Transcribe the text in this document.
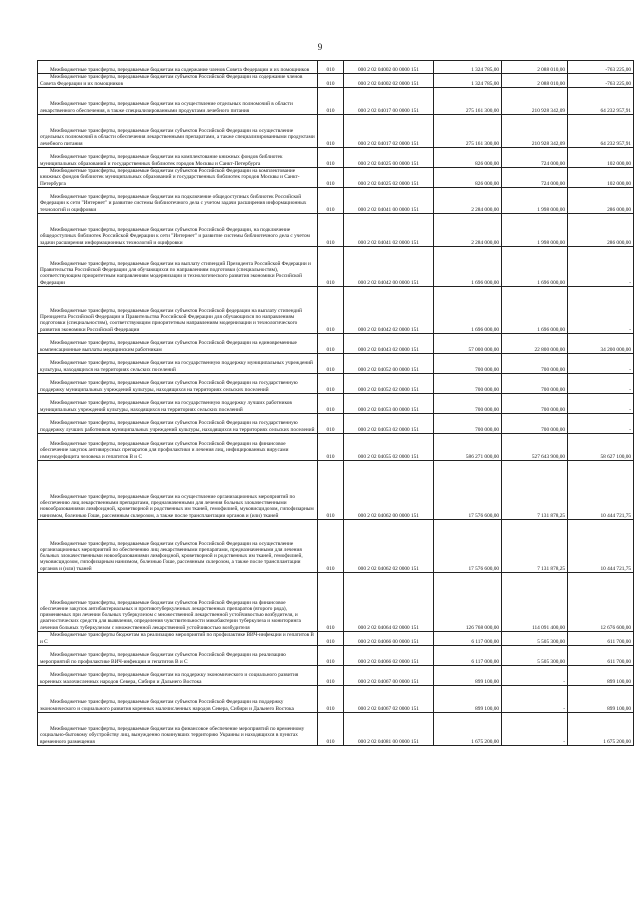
9
Межбюджетные трансферты, передаваемые бюджетам на содержание членов Совета Федерации и их помощников	010	000 2 02 04002 00 0000 151	1 324 785,00	2 088 010,00	-763 225,00
Межбюджетные трансферты, передаваемые бюджетам субъектов Российской Федерации на содержание членов Совета Федерации и их помощников	010	000 2 02 04002 02 0000 151	1 324 785,00	2 088 010,00	-763 225,00
Межбюджетные трансферты, передаваемые бюджетам на осуществление отдельных полномочий в области лекарственного обеспечения, в также специализированными продуктами лечебного питания	010	000 2 02 04017 00 0000 151	275 161 300,00	210 928 342,09	64 232 957,91
Межбюджетные трансферты, передаваемые бюджетам субъектов Российской Федерации на осуществление отдельных полномочий в области обеспечения лекарственными препаратами, а также специализированными продуктами лечебного питания	010	000 2 02 04017 02 0000 151	275 161 300,00	210 928 342,09	64 232 957,91
Межбюджетные трансферты, передаваемые бюджетам на комплектование книжных фондов библиотек муниципальных образований и государственных библиотек городов Москвы и Санкт-Петербурга	010	000 2 02 04025 00 0000 151	826 000,00	724 000,00	102 000,00
Межбюджетные трансферты, передаваемые бюджетам субъектов Российской Федерации на комплектование книжных фондов библиотек муниципальных образований и государственных библиотек городов Москвы и Санкт-Петербурга	010	000 2 02 04025 02 0000 151	826 000,00	724 000,00	102 000,00
Межбюджетные трансферты, передаваемые бюджетам на подключение общедоступных библиотек Российской Федерации к сети "Интернет" и развитие системы библиотечного дела с учетом задачи расширения информационных технологий и оцифровки	010	000 2 02 04041 00 0000 151	2 284 000,00	1 998 000,00	286 000,00
Межбюджетные трансферты, передаваемые бюджетам субъектов Российской Федерации, на подключение общедоступных библиотек Российской Федерации к сети "Интернет" и развитие системы библиотечного дела с учетом задачи расширения информационных технологий и оцифровки	010	000 2 02 04041 02 0000 151	2 284 000,00	1 998 000,00	286 000,00
Межбюджетные трансферты, передаваемые бюджетам на выплату стипендий Президента Российской Федерации и Правительства Российской Федерации для обучающихся по направлениям подготовки (специальностям), соответствующим приоритетным направлениям модернизации и технологического развития экономики Российской Федерации	010	000 2 02 04042 00 0000 151	1 696 000,00	1 696 000,00	-
Межбюджетные трансферты, передаваемые бюджетам субъектов Российской федерации на выплату стипендий Президента Российской Федерации и Правительства Российской Федерации для обучающихся по направлениям подготовки (специальностям), соответствующим приоритетным направлениям модернизации и технологического развития экономики Российской Федерации	010	000 2 02 04042 02 0000 151	1 696 000,00	1 696 000,00	-
Межбюджетные трансферты, передаваемые бюджетам субъектов Российской Федерации на единовременные компенсационные выплаты медицинским работникам	010	000 2 02 04043 02 0000 151	57 000 000,00	22 800 000,00	34 200 000,00
Межбюджетные трансферты, передаваемые бюджетам на государственную поддержку муниципальных учреждений культуры, находящихся на территориях сельских поселений	010	000 2 02 04052 00 0000 151	700 000,00	700 000,00	-
Межбюджетные трансферты, передаваемые бюджетам субъектов Российской Федерации на государственную поддержку муниципальных учреждений культуры, находящихся на территориях сельских поселений	010	000 2 02 04052 02 0000 151	700 000,00	700 000,00	-
Межбюджетные трансферты, передаваемые бюджетам на государственную поддержку лучших работников муниципальных учреждений культуры, находящихся на территориях сельских поселений	010	000 2 02 04053 00 0000 151	700 000,00	700 000,00	-
Межбюджетные трансферты, передаваемые бюджетам субъектов Российской Федерации на государственную поддержку лучших работников муниципальных учреждений культуры, находящихся на территориях сельских поселений	010	000 2 02 04053 02 0000 151	700 000,00	700 000,00	-
Межбюджетные трансферты, передаваемые бюджетам субъектов Российской Федерации на финансовое обеспечение закупок антивирусных препаратов для профилактики и лечения лиц, инфицированных вирусами иммунодефицита человека и гепатитов В и С	010	000 2 02 04055 02 0000 151	586 271 000,00	527 643 900,00	58 627 100,00
Межбюджетные трансферты, передаваемые бюджетам на осуществление организационных мероприятий по обеспечению лиц лекарственными препаратами, предназначенными для лечения больных злокачественными новообразованиями лимфоидной, кроветворной и родственных им тканей, гемофилией, муковисцидозом, гипофизарным нанизмом, болезнью Гоше, рассеянным склерозом, а также после трансплантации органов и (или) тканей	010	000 2 02 04062 00 0000 151	17 576 600,00	7 131 878,25	10 444 721,75
Межбюджетные трансферты, передаваемые бюджетам субъектов Российской Федерации на осуществление организационных мероприятий по обеспечению лиц лекарственными препаратами, предназначенными для лечения больных злокачественными новообразованиями лимфоидной, кроветворной и родственных им тканей, гемофилией, муковисцидозом, гипофизарным нанизмом, болезнью Гоше, рассеянным склерозом, а также после трансплантации органов и (или) тканей	010	000 2 02 04062 02 0000 151	17 576 600,00	7 131 878,25	10 444 721,75
Межбюджетные трансферты, передаваемые бюджетам субъектов Российской Федерации на финансовое обеспечение закупок антибактериальных и противотуберкулезных лекарственных препаратов (второго ряда), применяемых при лечении больных туберкулезом с множественной лекарственной устойчивостью возбудителя, и диагностических средств для выявления, определения чувствительности микобактерии туберкулеза и мониторинга лечения больных туберкулезом с множественной лекарственной устойчивостью возбудителя	010	000 2 02 04064 02 0000 151	126 768 000,00	114 091 400,00	12 676 600,00
Межбюджетные трансферты бюджетам на реализацию мероприятий по профилактике ВИЧ-инфекции и гепатитов В и С	010	000 2 02 04066 00 0000 151	6 117 000,00	5 505 300,00	611 700,00
Межбюджетные трансферты, передаваемые бюджетам субъектов Российской Федерации на реализацию мероприятий по профилактике ВИЧ-инфекции и гепатитов В и С	010	000 2 02 04066 02 0000 151	6 117 000,00	5 505 300,00	611 700,00
Межбюджетные трансферты, передаваемые бюджетам на поддержку экономического и социального развития коренных малочисленных народов Севера, Сибири и Дальнего Востока	010	000 2 02 04067 00 0000 151	899 100,00	-	899 100,00
Межбюджетные трансферты, передаваемые бюджетам субъектов Российской Федерации на поддержку экономического и социального развития коренных малочисленных народов Севера, Сибири и Дальнего Востока	010	000 2 02 04067 02 0000 151	899 100,00	-	899 100,00
Межбюджетные трансферты, передаваемые бюджетам на финансовое обеспечение мероприятий по временному социально-бытовому обустройству лиц, вынужденно покинувших территорию Украины и находящихся в пунктах временного размещения	010	000 2 02 04081 00 0000 151	1 675 200,00	-	1 675 200,00
